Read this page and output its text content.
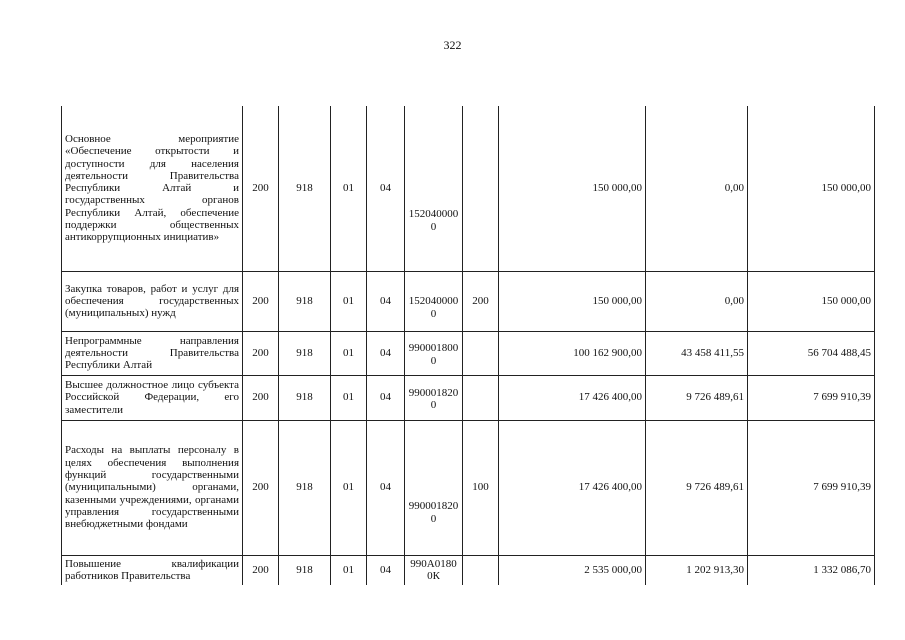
322
Основное мероприятие «Обеспечение открытости и доступности для населения деятельности Правительства Республики Алтай и государственных органов Республики Алтай, обеспечение поддержки общественных антикоррупционных инициатив»	200	918	01	04	1520400000		150 000,00	0,00	150 000,00
Закупка товаров, работ и услуг для обеспечения государственных (муниципальных) нужд	200	918	01	04	1520400000	200	150 000,00	0,00	150 000,00
Непрограммные направления деятельности Правительства Республики Алтай	200	918	01	04	9900018000		100 162 900,00	43 458 411,55	56 704 488,45
Высшее должностное лицо субъекта Российской Федерации, его заместители	200	918	01	04	9900018200		17 426 400,00	9 726 489,61	7 699 910,39
Расходы на выплаты персоналу в целях обеспечения выполнения функций государственными (муниципальными) органами, казенными учреждениями, органами управления государственными внебюджетными фондами	200	918	01	04	9900018200	100	17 426 400,00	9 726 489,61	7 699 910,39
Повышение квалификации работников Правительства	200	918	01	04	990А01800К		2 535 000,00	1 202 913,30	1 332 086,70
